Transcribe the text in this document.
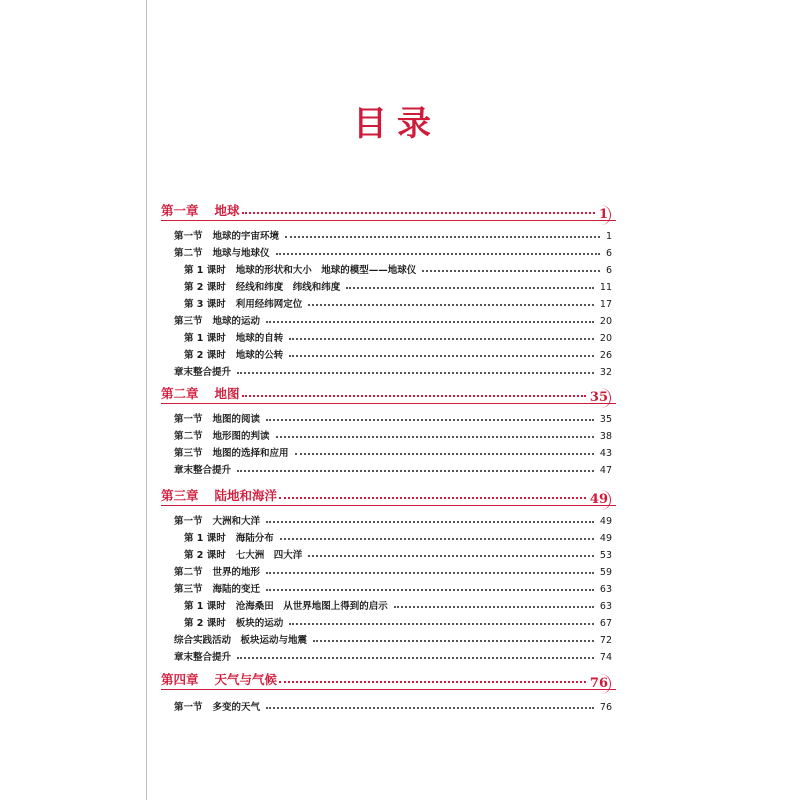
目录
第一章 地球	1
第一节 地球的宇宙环境	1
第二节 地球与地球仪	6
第 1 课时 地球的形状和大小　地球的模型——地球仪	6
第 2 课时 经线和纬度　纬线和纬度	11
第 3 课时 利用经纬网定位	17
第三节 地球的运动	20
第 1 课时 地球的自转	20
第 2 课时 地球的公转	26
章末整合提升	32
第二章 地图	35
第一节 地图的阅读	35
第二节 地形图的判读	38
第三节 地图的选择和应用	43
章末整合提升	47
第三章 陆地和海洋	49
第一节 大洲和大洋	49
第 1 课时 海陆分布	49
第 2 课时 七大洲　四大洋	53
第二节 世界的地形	59
第三节 海陆的变迁	63
第 1 课时 沧海桑田　从世界地图上得到的启示	63
第 2 课时 板块的运动	67
综合实践活动　板块运动与地震	72
章末整合提升	74
第四章 天气与气候	76
第一节 多变的天气	76
